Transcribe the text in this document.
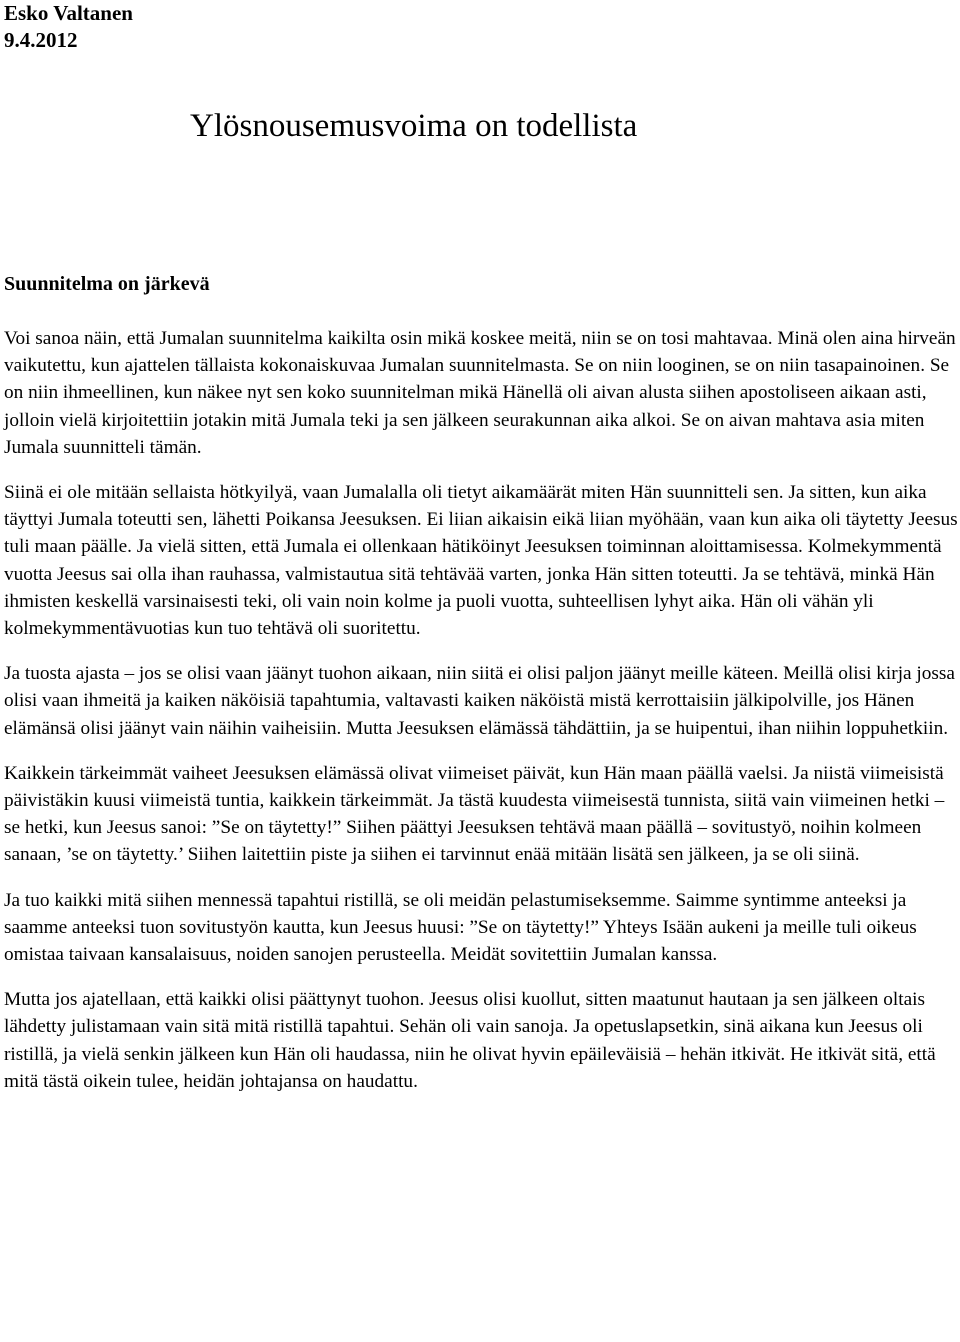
Esko Valtanen

9.4.2012

Ylösnousemusvoima on todellista
Suunnitelma on järkevä

Voi sanoa näin, että Jumalan suunnitelma kaikilta osin mikä koskee meitä, niin se on tosi mahtavaa. Minä olen aina hirveän vaikutettu, kun ajattelen tällaista kokonaiskuvaa Jumalan suunnitelmasta. Se on niin looginen, se on niin tasapainoinen. Se on niin ihmeellinen, kun näkee nyt sen koko suunnitelman mikä Hänellä oli aivan alusta siihen apostoliseen aikaan asti, jolloin vielä kirjoitettiin jotakin mitä Jumala teki ja sen jälkeen seurakunnan aika alkoi. Se on aivan mahtava asia miten Jumala suunnitteli tämän.

Siinä ei ole mitään sellaista hötkyilyä, vaan Jumalalla oli tietyt aikamäärät miten Hän suunnitteli sen. Ja sitten, kun aika täyttyi Jumala toteutti sen, lähetti Poikansa Jeesuksen. Ei liian aikaisin eikä liian myöhään, vaan kun aika oli täytetty Jeesus tuli maan päälle. Ja vielä sitten, että Jumala ei ollenkaan hätiköinyt Jeesuksen toiminnan aloittamisessa. Kolmekymmentä vuotta Jeesus sai olla ihan rauhassa, valmistautua sitä tehtävää varten, jonka Hän sitten toteutti. Ja se tehtävä, minkä Hän ihmisten keskellä varsinaisesti teki, oli vain noin kolme ja puoli vuotta, suhteellisen lyhyt aika. Hän oli vähän yli kolmekymmentävuotias kun tuo tehtävä oli suoritettu.

Ja tuosta ajasta – jos se olisi vaan jäänyt tuohon aikaan, niin siitä ei olisi paljon jäänyt meille käteen. Meillä olisi kirja jossa olisi vaan ihmeitä ja kaiken näköisiä tapahtumia, valtavasti kaiken näköistä mistä kerrottaisiin jälkipolville, jos Hänen elämänsä olisi jäänyt vain näihin vaiheisiin. Mutta Jeesuksen elämässä tähdättiin, ja se huipentui, ihan niihin loppuhetkiin.

Kaikkein tärkeimmät vaiheet Jeesuksen elämässä olivat viimeiset päivät, kun Hän maan päällä vaelsi. Ja niistä viimeisistä päivistäkin kuusi viimeistä tuntia, kaikkein tärkeimmät. Ja tästä kuudesta viimeisestä tunnista, siitä vain viimeinen hetki – se hetki, kun Jeesus sanoi: ”Se on täytetty!” Siihen päättyi Jeesuksen tehtävä maan päällä – sovitustyö, noihin kolmeen sanaan, ’se on täytetty.’ Siihen laitettiin piste ja siihen ei tarvinnut enää mitään lisätä sen jälkeen, ja se oli siinä.

Ja tuo kaikki mitä siihen mennessä tapahtui ristillä, se oli meidän pelastumiseksemme. Saimme syntimme anteeksi ja saamme anteeksi tuon sovitustyön kautta, kun Jeesus huusi: ”Se on täytetty!” Yhteys Isään aukeni ja meille tuli oikeus omistaa taivaan kansalaisuus, noiden sanojen perusteella. Meidät sovitettiin Jumalan kanssa.

Mutta jos ajatellaan, että kaikki olisi päättynyt tuohon. Jeesus olisi kuollut, sitten maatunut hautaan ja sen jälkeen oltais lähdetty julistamaan vain sitä mitä ristillä tapahtui. Sehän oli vain sanoja. Ja opetuslapsetkin, sinä aikana kun Jeesus oli ristillä, ja vielä senkin jälkeen kun Hän oli haudassa, niin he olivat hyvin epäileväisiä – hehän itkivät. He itkivät sitä, että mitä tästä oikein tulee, heidän johtajansa on haudattu.
